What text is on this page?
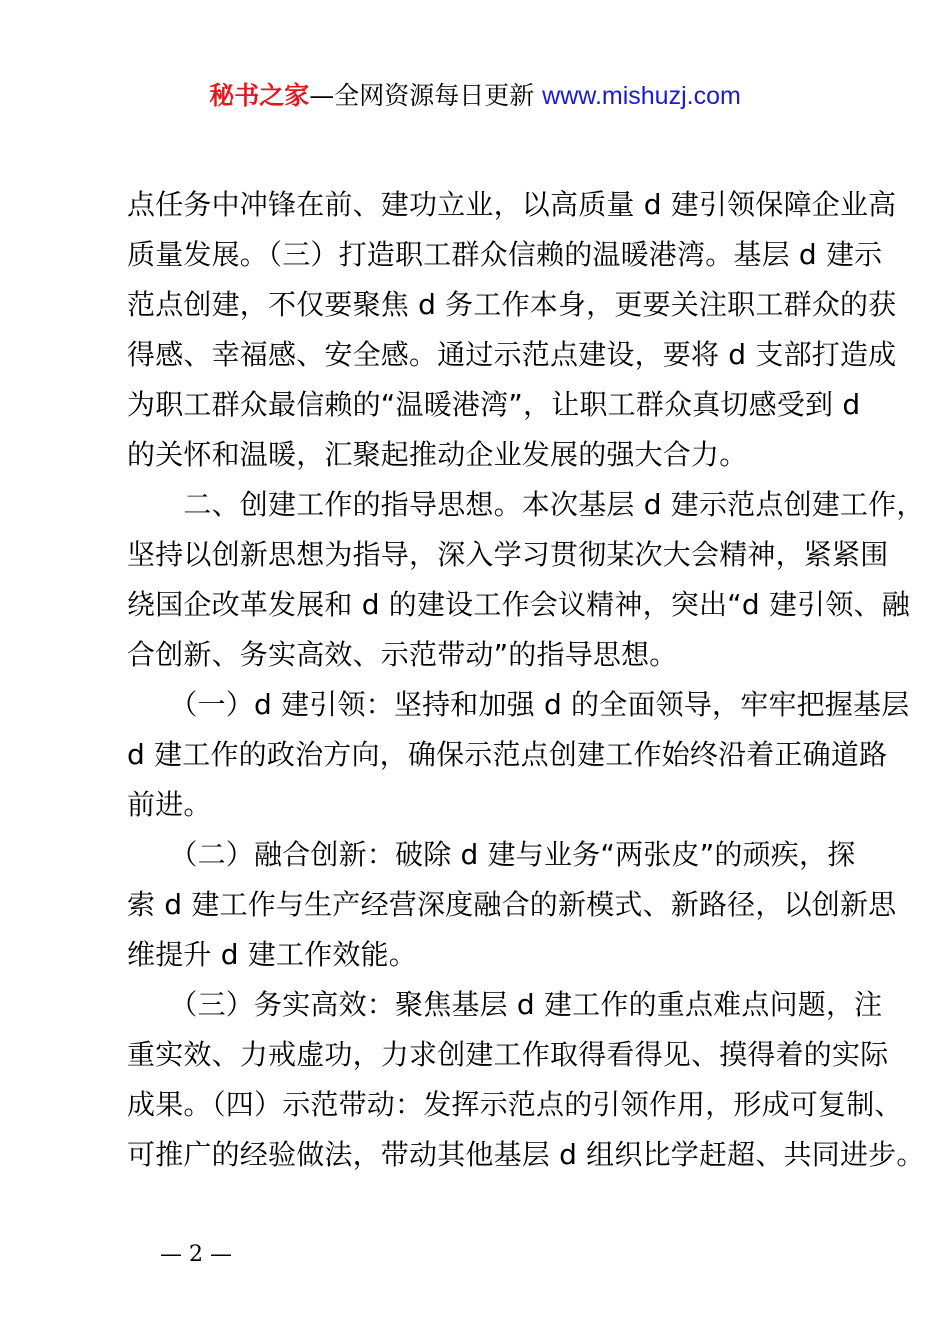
秘书之家—全网资源每日更新 www.mishuzj.com

点任务中冲锋在前、建功立业，以高质量 d 建引领保障企业高

质量发展。（三）打造职工群众信赖的温暖港湾。基层 d 建示

范点创建，不仅要聚焦 d 务工作本身，更要关注职工群众的获

得感、幸福感、安全感。通过示范点建设，要将 d 支部打造成

为职工群众最信赖的“温暖港湾”，让职工群众真切感受到 d

的关怀和温暖，汇聚起推动企业发展的强大合力。

　　二、创建工作的指导思想。本次基层 d 建示范点创建工作，

坚持以创新思想为指导，深入学习贯彻某次大会精神，紧紧围

绕国企改革发展和 d 的建设工作会议精神，突出“d 建引领、融

合创新、务实高效、示范带动”的指导思想。

　　（一）d 建引领：坚持和加强 d 的全面领导，牢牢把握基层

d 建工作的政治方向，确保示范点创建工作始终沿着正确道路

前进。

　　（二）融合创新：破除 d 建与业务“两张皮”的顽疾，探

索 d 建工作与生产经营深度融合的新模式、新路径，以创新思

维提升 d 建工作效能。

　　（三）务实高效：聚焦基层 d 建工作的重点难点问题，注

重实效、力戒虚功，力求创建工作取得看得见、摸得着的实际

成果。（四）示范带动：发挥示范点的引领作用，形成可复制、

可推广的经验做法，带动其他基层 d 组织比学赶超、共同进步。

— 2 —
